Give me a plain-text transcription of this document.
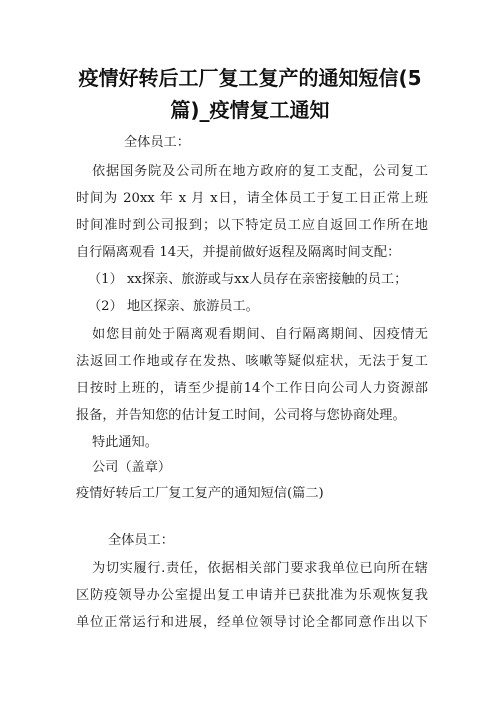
疫情好转后工厂复工复产的通知短信(5
篇)_疫情复工通知
全体员工：
依据国务院及公司所在地方政府的复工支配，公司复工
时间为 20xx 年 x 月 x日，请全体员工于复工日正常上班
时间准时到公司报到；以下特定员工应自返回工作所在地
自行隔离观看 14天，并提前做好返程及隔离时间支配：
（1） xx探亲、旅游或与xx人员存在亲密接触的员工；
（2） 地区探亲、旅游员工。
如您目前处于隔离观看期间、自行隔离期间、因疫情无
法返回工作地或存在发热、咳嗽等疑似症状，无法于复工
日按时上班的，请至少提前14个工作日向公司人力资源部
报备，并告知您的估计复工时间，公司将与您协商处理。
特此通知。
公司（盖章）
疫情好转后工厂复工复产的通知短信(篇二)
全体员工：
为切实履行.责任，依据相关部门要求我单位已向所在辖
区防疫领导办公室提出复工申请并已获批准为乐观恢复我
单位正常运行和进展，经单位领导讨论全都同意作出以下
